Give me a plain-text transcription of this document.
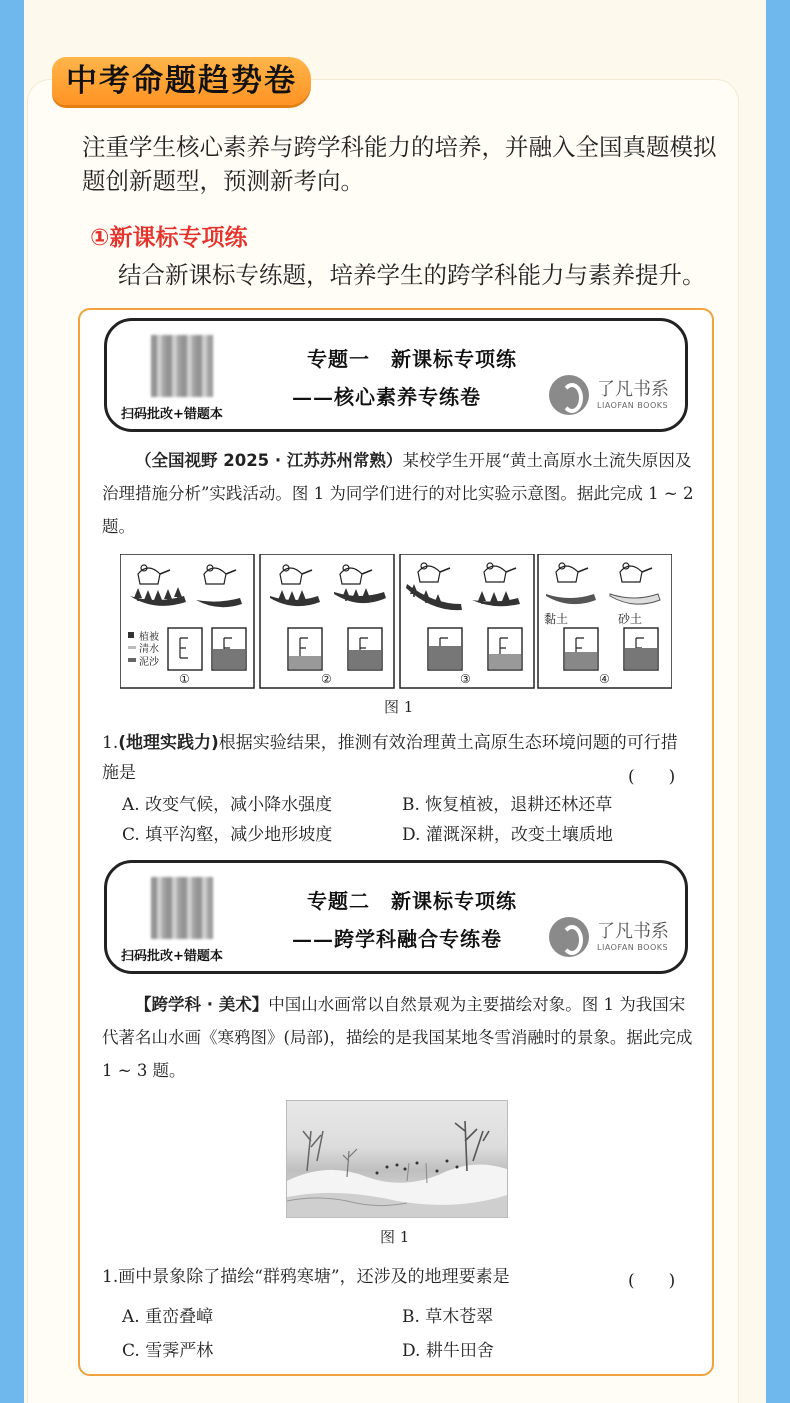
中考命题趋势卷
注重学生核心素养与跨学科能力的培养，并融入全国真题模拟题创新题型，预测新考向。
①新课标专项练
结合新课标专练题，培养学生的跨学科能力与素养提升。
扫码批改+错题本
专题一　新课标专项练
——核心素养专练卷	了凡书系
LIAOFAN BOOKS
（全国视野 2025 · 江苏苏州常熟）某校学生开展“黄土高原水土流失原因及治理措施分析”实践活动。图 1 为同学们进行的对比实验示意图。据此完成 1 ~ 2 题。
植被
清水
泥沙
黏土	砂土
①	②	③	④
图 1
1.(地理实践力)根据实验结果，推测有效治理黄土高原生态环境问题的可行措施是	(　　)
A. 改变气候，减小降水强度	B. 恢复植被，退耕还林还草
C. 填平沟壑，减少地形坡度	D. 灌溉深耕，改变土壤质地
扫码批改+错题本
专题二　新课标专项练
——跨学科融合专练卷	了凡书系
LIAOFAN BOOKS
【跨学科 · 美术】中国山水画常以自然景观为主要描绘对象。图 1 为我国宋代著名山水画《寒鸦图》(局部)，描绘的是我国某地冬雪消融时的景象。据此完成 1 ~ 3 题。
图 1
1.画中景象除了描绘“群鸦寒塘”，还涉及的地理要素是	(　　)
A. 重峦叠嶂	B. 草木苍翠
C. 雪霁严林	D. 耕牛田舍
